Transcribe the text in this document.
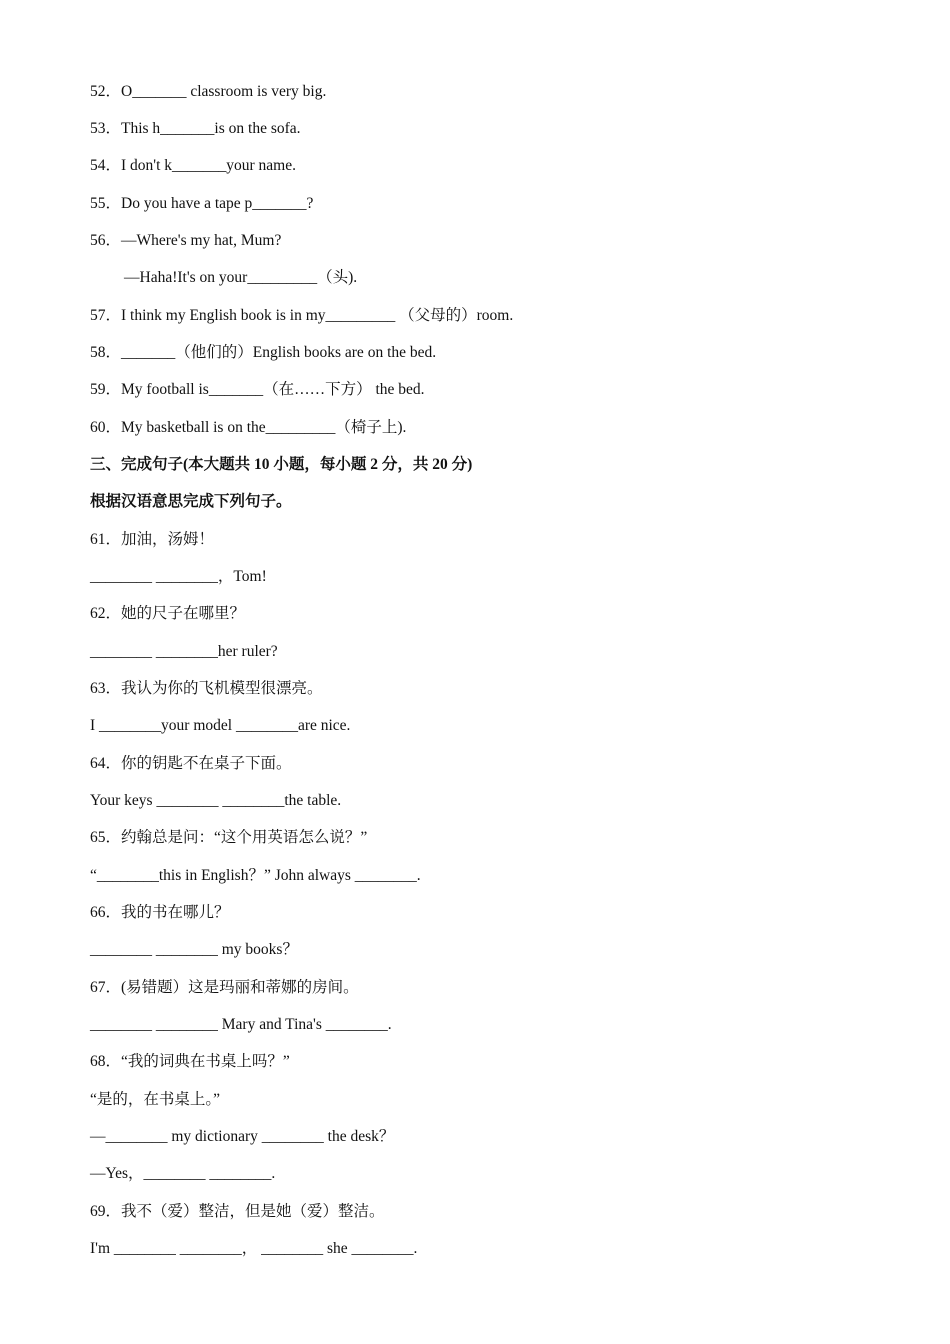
52．O_______ classroom is very big.
53．This h_______is on the sofa.
54．I don't k_______your name.
55．Do you have a tape p_______?
56．—Where's my hat, Mum?
—Haha!It's on your_________（头).
57．I think my English book is in my_________ （父母的）room.
58．_______（他们的）English books are on the bed.
59．My football is_______（在……下方） the bed.
60．My basketball is on the_________（椅子上).
三、完成句子(本大题共 10 小题，每小题 2 分，共 20 分)
根据汉语意思完成下列句子。
61．加油，汤姆！
________ ________，Tom!
62．她的尺子在哪里？
________ ________her ruler?
63．我认为你的飞机模型很漂亮。
I ________your model ________are nice.
64．你的钥匙不在桌子下面。
Your keys ________ ________the table.
65．约翰总是问：“这个用英语怎么说？”
“________this in English？” John always ________.
66．我的书在哪儿？
________ ________ my books？
67．(易错题）这是玛丽和蒂娜的房间。
________ ________ Mary and Tina's ________.
68．“我的词典在书桌上吗？”
“是的，在书桌上。”
—________ my dictionary ________ the desk？
—Yes，________ ________.
69．我不（爱）整洁，但是她（爱）整洁。
I'm ________ ________， ________ she ________.
